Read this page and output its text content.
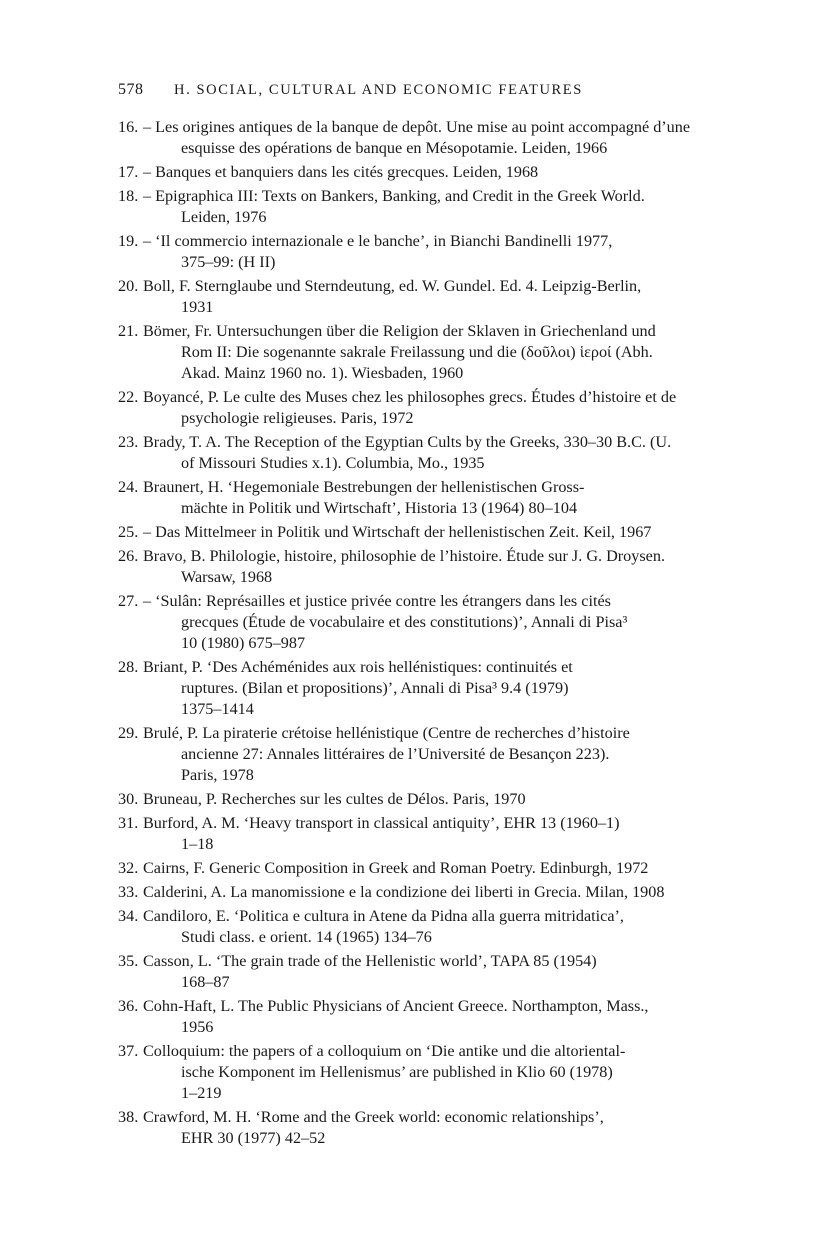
578 H. SOCIAL, CULTURAL AND ECONOMIC FEATURES
16. – Les origines antiques de la banque de depôt. Une mise au point accompagné d’une
esquisse des opérations de banque en Mésopotamie. Leiden, 1966
17. – Banques et banquiers dans les cités grecques. Leiden, 1968
18. – Epigraphica III: Texts on Bankers, Banking, and Credit in the Greek World.
Leiden, 1976
19. – ‘Il commercio internazionale e le banche’, in Bianchi Bandinelli 1977,
375–99: (H II)
20. Boll, F. Sternglaube und Sterndeutung, ed. W. Gundel. Ed. 4. Leipzig-Berlin,
1931
21. Bömer, Fr. Untersuchungen über die Religion der Sklaven in Griechenland und
Rom II: Die sogenannte sakrale Freilassung und die (δοῦλοι) ἱεροί (Abh.
Akad. Mainz 1960 no. 1). Wiesbaden, 1960
22. Boyancé, P. Le culte des Muses chez les philosophes grecs. Études d’histoire et de
psychologie religieuses. Paris, 1972
23. Brady, T. A. The Reception of the Egyptian Cults by the Greeks, 330–30 B.C. (U.
of Missouri Studies x.1). Columbia, Mo., 1935
24. Braunert, H. ‘Hegemoniale Bestrebungen der hellenistischen Gross-
mächte in Politik und Wirtschaft’, Historia 13 (1964) 80–104
25. – Das Mittelmeer in Politik und Wirtschaft der hellenistischen Zeit. Keil, 1967
26. Bravo, B. Philologie, histoire, philosophie de l’histoire. Étude sur J. G. Droysen.
Warsaw, 1968
27. – ‘Sulân: Représailles et justice privée contre les étrangers dans les cités
grecques (Étude de vocabulaire et des constitutions)’, Annali di Pisa³
10 (1980) 675–987
28. Briant, P. ‘Des Achéménides aux rois hellénistiques: continuités et
ruptures. (Bilan et propositions)’, Annali di Pisa³ 9.4 (1979)
1375–1414
29. Brulé, P. La piraterie crétoise hellénistique (Centre de recherches d’histoire
ancienne 27: Annales littéraires de l’Université de Besançon 223).
Paris, 1978
30. Bruneau, P. Recherches sur les cultes de Délos. Paris, 1970
31. Burford, A. M. ‘Heavy transport in classical antiquity’, EHR 13 (1960–1)
1–18
32. Cairns, F. Generic Composition in Greek and Roman Poetry. Edinburgh, 1972
33. Calderini, A. La manomissione e la condizione dei liberti in Grecia. Milan, 1908
34. Candiloro, E. ‘Politica e cultura in Atene da Pidna alla guerra mitridatica’,
Studi class. e orient. 14 (1965) 134–76
35. Casson, L. ‘The grain trade of the Hellenistic world’, TAPA 85 (1954)
168–87
36. Cohn-Haft, L. The Public Physicians of Ancient Greece. Northampton, Mass.,
1956
37. Colloquium: the papers of a colloquium on ‘Die antike und die altoriental-
ische Komponent im Hellenismus’ are published in Klio 60 (1978)
1–219
38. Crawford, M. H. ‘Rome and the Greek world: economic relationships’,
EHR 30 (1977) 42–52
